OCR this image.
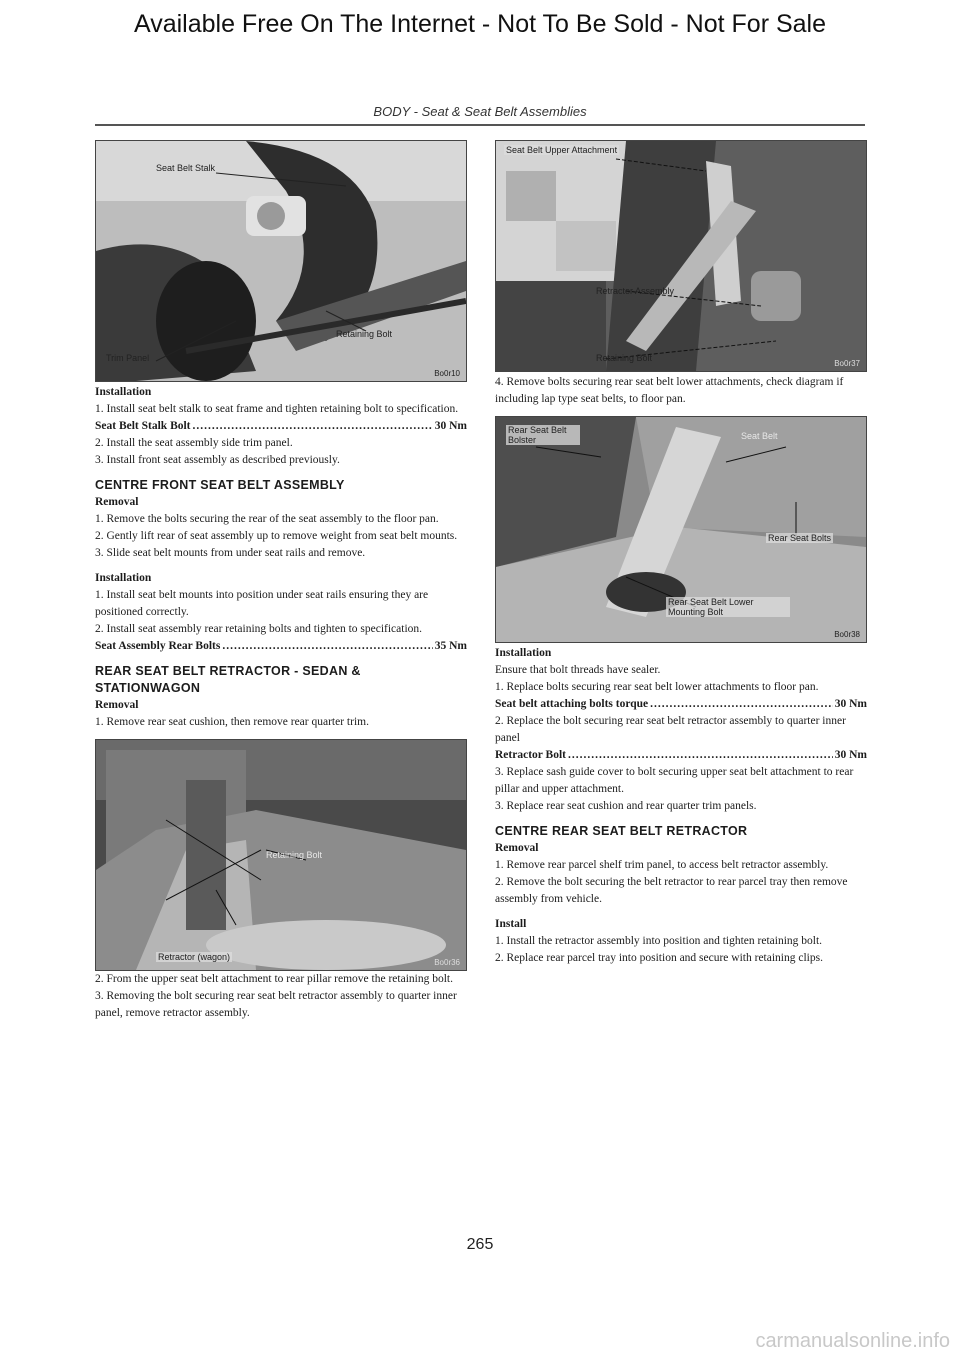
Available Free On The Internet - Not To Be Sold - Not For Sale
BODY - Seat & Seat Belt Assemblies
Seat Belt Stalk
Retaining Bolt
Trim Panel
Bo0r10

Installation

1. Install seat belt stalk to seat frame and tighten retaining bolt to specification.

Seat Belt Stalk Bolt .....	30 Nm

2. Install the seat assembly side trim panel.

3. Install front seat assembly as described previously.

CENTRE FRONT SEAT BELT ASSEMBLY

Removal

1. Remove the bolts securing the rear of the seat assembly to the floor pan.

2. Gently lift rear of seat assembly up to remove weight from seat belt mounts.

3. Slide seat belt mounts from under seat rails and remove.

Installation

1. Install seat belt mounts into position under seat rails ensuring they are positioned correctly.

2. Install seat assembly rear retaining bolts and tighten to specification.

Seat Assembly Rear Bolts .....	35 Nm

REAR SEAT BELT RETRACTOR - SEDAN &

STATIONWAGON

Removal

1. Remove rear seat cushion, then remove rear quarter trim.

Retaining Bolt
Retractor (wagon)
Bo0r36

2. From the upper seat belt attachment to rear pillar remove the retaining bolt.

3. Removing the bolt securing rear seat belt retractor assembly to quarter inner panel, remove retractor assembly.

Seat Belt Upper Attachment
Retractor Assembly
Retaining Bolt
Bo0r37

4. Remove bolts securing rear seat belt lower attachments, check diagram if including lap type seat belts, to floor pan.

Rear Seat Belt Bolster	Seat Belt
Rear Seat Bolts
Rear Seat Belt Lower Mounting Bolt
Bo0r38

Installation

Ensure that bolt threads have sealer.

1. Replace bolts securing rear seat belt lower attachments to floor pan.

Seat belt attaching bolts torque .....	30 Nm

2. Replace the bolt securing rear seat belt retractor assembly to quarter inner panel

Retractor Bolt .....	30 Nm

3. Replace sash guide cover to bolt securing upper seat belt attachment to rear pillar and upper attachment.

3. Replace rear seat cushion and rear quarter trim panels.

CENTRE REAR SEAT BELT RETRACTOR

Removal

1. Remove rear parcel shelf trim panel, to access belt retractor assembly.

2. Remove the bolt securing the belt retractor to rear parcel tray then remove assembly from vehicle.

Install

1. Install the retractor assembly into position and tighten retaining bolt.

2. Replace rear parcel tray into position and secure with retaining clips.

265
carmanualsonline.info
